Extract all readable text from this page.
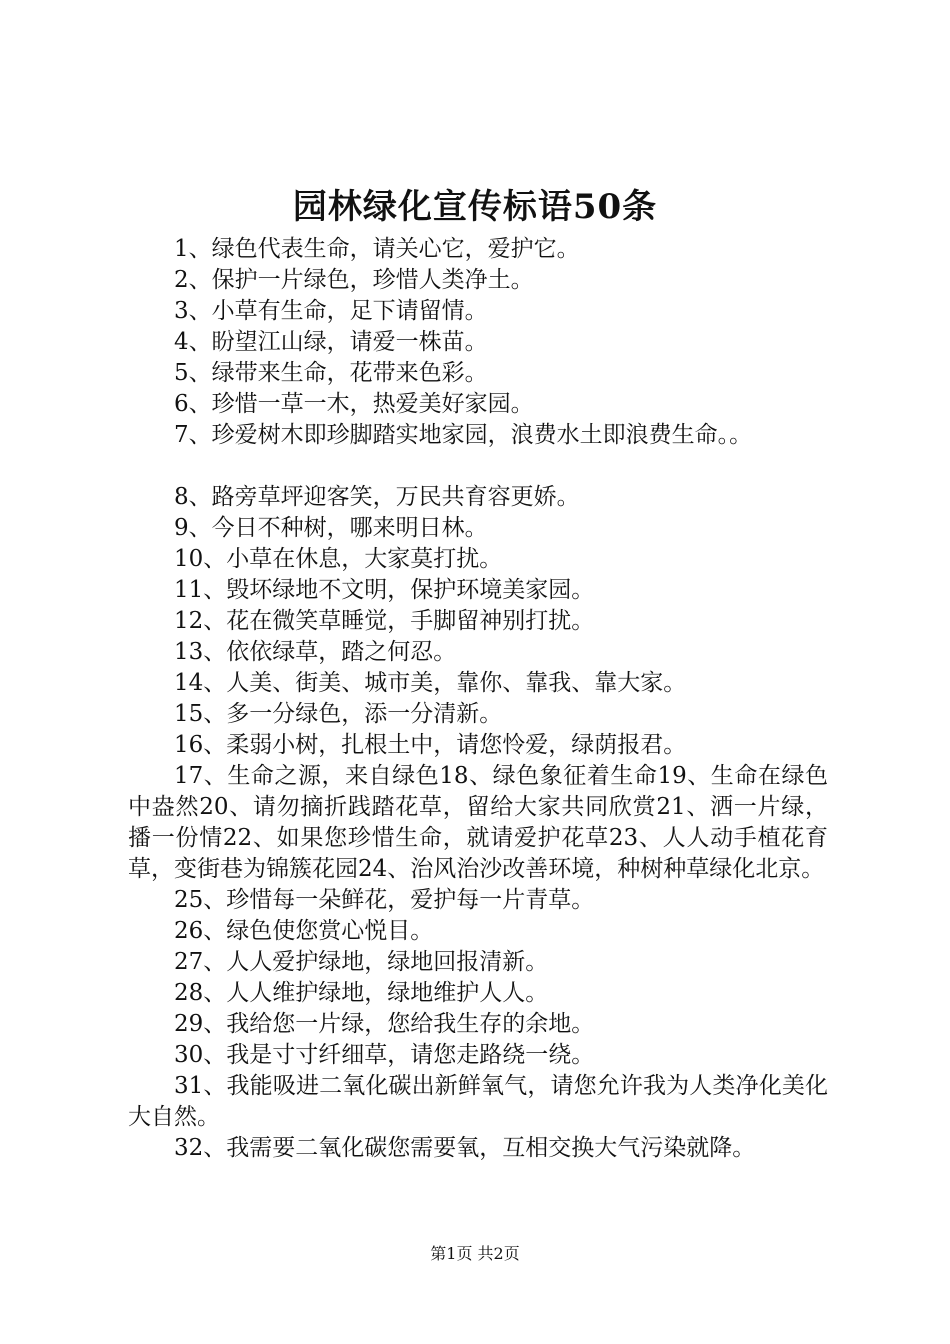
园林绿化宣传标语50条

1、绿色代表生命，请关心它，爱护它。

2、保护一片绿色，珍惜人类净土。

3、小草有生命，足下请留情。

4、盼望江山绿，请爱一株苗。

5、绿带来生命，花带来色彩。

6、珍惜一草一木，热爱美好家园。

7、珍爱树木即珍脚踏实地家园，浪费水土即浪费生命。。

8、路旁草坪迎客笑，万民共育容更娇。

9、今日不种树，哪来明日林。

10、小草在休息，大家莫打扰。

11、毁坏绿地不文明，保护环境美家园。

12、花在微笑草睡觉，手脚留神别打扰。

13、依依绿草，踏之何忍。

14、人美、街美、城市美，靠你、靠我、靠大家。

15、多一分绿色，添一分清新。

16、柔弱小树，扎根土中，请您怜爱，绿荫报君。

17、生命之源，来自绿色18、绿色象征着生命19、生命在绿色中盎然20、请勿摘折践踏花草，留给大家共同欣赏21、洒一片绿，播一份情22、如果您珍惜生命，就请爱护花草23、人人动手植花育草，变街巷为锦簇花园24、治风治沙改善环境，种树种草绿化北京。

25、珍惜每一朵鲜花，爱护每一片青草。

26、绿色使您赏心悦目。

27、人人爱护绿地，绿地回报清新。

28、人人维护绿地，绿地维护人人。

29、我给您一片绿，您给我生存的余地。

30、我是寸寸纤细草，请您走路绕一绕。

31、我能吸进二氧化碳出新鲜氧气，请您允许我为人类净化美化大自然。

32、我需要二氧化碳您需要氧，互相交换大气污染就降。

第1页 共2页
